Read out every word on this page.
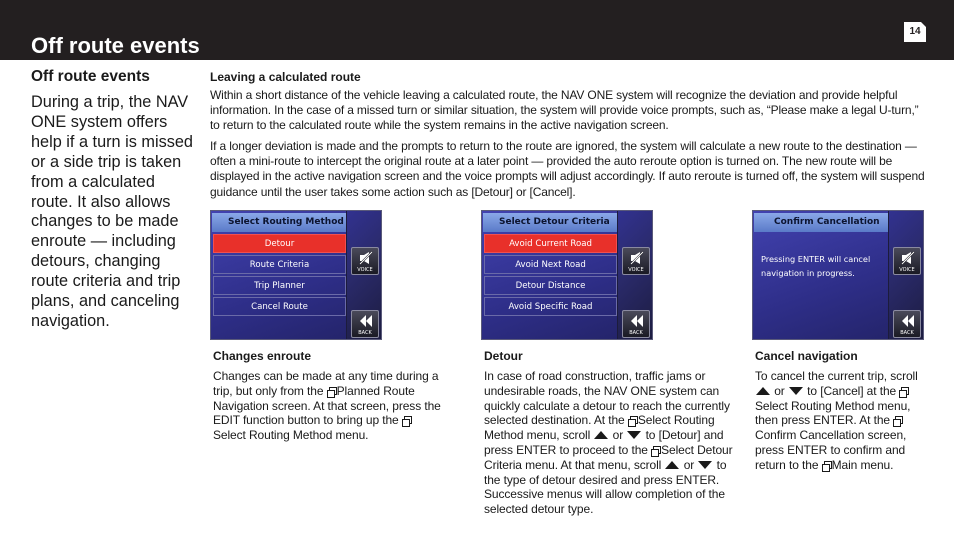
Off route events
14
Off route events
During a trip, the NAV ONE system offers help if a turn is missed or a side trip is taken from a calculated route. It also allows changes to be made enroute — including detours, changing route criteria and trip plans, and canceling navigation.
Leaving a calculated route

Within a short distance of the vehicle leaving a calculated route, the NAV ONE system will recognize the deviation and provide helpful information. In the case of a missed turn or similar situation, the system will provide voice prompts, such as, “Please make a legal U-turn,” to return to the calculated route while the system remains in the active navigation screen.

If a longer deviation is made and the prompts to return to the route are ignored, the system will calculate a new route to the destination — often a mini-route to intercept the original route at a later point — provided the auto reroute option is turned on. The new route will be displayed in the active navigation screen and the voice prompts will adjust accordingly. If auto reroute is turned off, the system will suspend guidance until the user takes some action such as [Detour] or [Cancel].

Select Routing Method
Detour
Route Criteria
Trip Planner
Cancel Route
VOICE
BACK
Select Detour Criteria
Avoid Current Road
Avoid Next Road
Detour Distance
Avoid Specific Road
VOICE
BACK
Confirm Cancellation
Pressing ENTER will cancel navigation in progress.	VOICE
BACK
Changes enroute
Changes can be made at any time during a trip, but only from the Planned Route Navigation screen. At that screen, press the EDIT function button to bring up the Select Routing Method menu.
Detour
In case of road construction, traffic jams or undesirable roads, the NAV ONE system can quickly calculate a detour to reach the currently selected destination. At the Select Routing Method menu, scroll  or  to [Detour] and press ENTER to proceed to the Select Detour Criteria menu. At that menu, scroll  or  to the type of detour desired and press ENTER. Successive menus will allow completion of the selected detour type.
Cancel navigation
To cancel the current trip, scroll  or  to [Cancel] at the Select Routing Method menu, then press ENTER. At the Confirm Cancellation screen, press ENTER to confirm and return to the Main menu.
